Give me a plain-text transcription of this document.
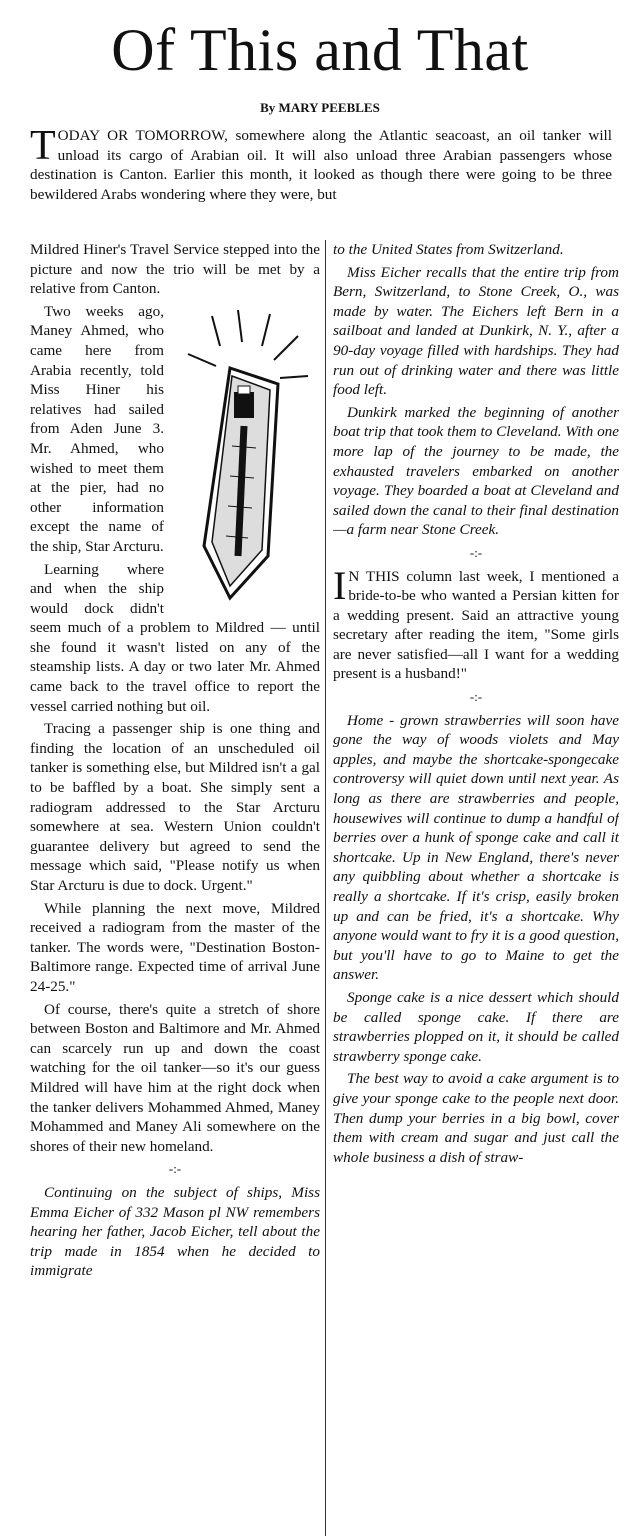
Of This and That
By MARY PEEBLES

TODAY OR TOMORROW, somewhere along the Atlantic seacoast, an oil tanker will unload its cargo of Arabian oil. It will also unload three Arabian passengers whose destination is Canton. Earlier this month, it looked as though there were going to be three bewildered Arabs wondering where they were, but

Mildred Hiner's Travel Service stepped into the picture and now the trio will be met by a relative from Canton.

Two weeks ago, Maney Ahmed, who came here from Arabia recently, told Miss Hiner his relatives had sailed from Aden June 3. Mr. Ahmed, who wished to meet them at the pier, had no other information except the name of the ship, Star Arcturu.

Learning where and when the ship would dock didn't seem much of a problem to Mildred — until she found it wasn't listed on any of the steamship lists. A day or two later Mr. Ahmed came back to the travel office to report the vessel carried nothing but oil.

Tracing a passenger ship is one thing and finding the location of an unscheduled oil tanker is something else, but Mildred isn't a gal to be baffled by a boat. She simply sent a radiogram addressed to the Star Arcturu somewhere at sea. Western Union couldn't guarantee delivery but agreed to send the message which said, "Please notify us when Star Arcturu is due to dock. Urgent."

While planning the next move, Mildred received a radiogram from the master of the tanker. The words were, "Destination Boston-Baltimore range. Expected time of arrival June 24-25."

Of course, there's quite a stretch of shore between Boston and Baltimore and Mr. Ahmed can scarcely run up and down the coast watching for the oil tanker—so it's our guess Mildred will have him at the right dock when the tanker delivers Mohammed Ahmed, Maney Mohammed and Maney Ali somewhere on the shores of their new homeland.

-:-

Continuing on the subject of ships, Miss Emma Eicher of 332 Mason pl NW remembers hearing her father, Jacob Eicher, tell about the trip made in 1854 when he decided to immigrate

to the United States from Switzerland.

Miss Eicher recalls that the entire trip from Bern, Switzerland, to Stone Creek, O., was made by water. The Eichers left Bern in a sailboat and landed at Dunkirk, N. Y., after a 90-day voyage filled with hardships. They had run out of drinking water and there was little food left.

Dunkirk marked the beginning of another boat trip that took them to Cleveland. With one more lap of the journey to be made, the exhausted travelers embarked on another voyage. They boarded a boat at Cleveland and sailed down the canal to their final destination —a farm near Stone Creek.

-:-

I N THIS column last week, I mentioned a bride-to-be who wanted a Persian kitten for a wedding present. Said an attractive young secretary after reading the item, "Some girls are never satisfied—all I want for a wedding present is a husband!"

-:-

Home - grown strawberries will soon have gone the way of woods violets and May apples, and maybe the shortcake-spongecake controversy will quiet down until next year. As long as there are strawberries and people, housewives will continue to dump a handful of berries over a hunk of sponge cake and call it shortcake. Up in New England, there's never any quibbling about whether a shortcake is really a shortcake. If it's crisp, easily broken up and can be fried, it's a shortcake. Why anyone would want to fry it is a good question, but you'll have to go to Maine to get the answer.

Sponge cake is a nice dessert which should be called sponge cake. If there are strawberries plopped on it, it should be called strawberry sponge cake.

The best way to avoid a cake argument is to give your sponge cake to the people next door. Then dump your berries in a big bowl, cover them with cream and sugar and just call the whole business a dish of straw-
